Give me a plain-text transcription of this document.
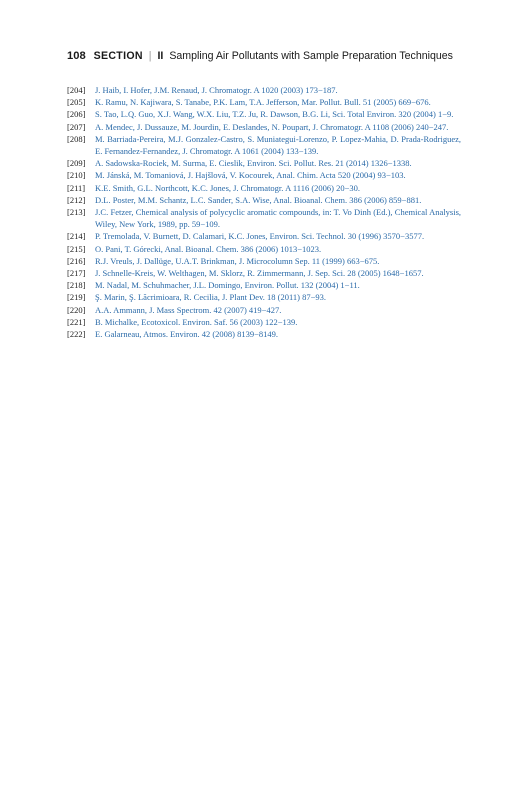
108 SECTION | II Sampling Air Pollutants with Sample Preparation Techniques
[204]	J. Haib, I. Hofer, J.M. Renaud, J. Chromatogr. A 1020 (2003) 173−187.
[205]	K. Ramu, N. Kajiwara, S. Tanabe, P.K. Lam, T.A. Jefferson, Mar. Pollut. Bull. 51 (2005) 669−676.
[206]	S. Tao, L.Q. Guo, X.J. Wang, W.X. Liu, T.Z. Ju, R. Dawson, B.G. Li, Sci. Total Environ. 320 (2004) 1−9.
[207]	A. Mendec, J. Dussauze, M. Jourdin, E. Deslandes, N. Poupart, J. Chromatogr. A 1108 (2006) 240−247.
[208]	M. Barriada-Pereira, M.J. Gonzalez-Castro, S. Muniategui-Lorenzo, P. Lopez-Mahia, D. Prada-Rodriguez, E. Fernandez-Fernandez, J. Chromatogr. A 1061 (2004) 133−139.
[209]	A. Sadowska-Rociek, M. Surma, E. Cieslik, Environ. Sci. Pollut. Res. 21 (2014) 1326−1338.
[210]	M. Jánská, M. Tomaniová, J. Hajšlová, V. Kocourek, Anal. Chim. Acta 520 (2004) 93−103.
[211]	K.E. Smith, G.L. Northcott, K.C. Jones, J. Chromatogr. A 1116 (2006) 20−30.
[212]	D.L. Poster, M.M. Schantz, L.C. Sander, S.A. Wise, Anal. Bioanal. Chem. 386 (2006) 859−881.
[213]	J.C. Fetzer, Chemical analysis of polycyclic aromatic compounds, in: T. Vo Dinh (Ed.), Chemical Analysis, Wiley, New York, 1989, pp. 59−109.
[214]	P. Tremolada, V. Burnett, D. Calamari, K.C. Jones, Environ. Sci. Technol. 30 (1996) 3570−3577.
[215]	O. Pani, T. Górecki, Anal. Bioanal. Chem. 386 (2006) 1013−1023.
[216]	R.J. Vreuls, J. Dallüge, U.A.T. Brinkman, J. Microcolumn Sep. 11 (1999) 663−675.
[217]	J. Schnelle-Kreis, W. Welthagen, M. Sklorz, R. Zimmermann, J. Sep. Sci. 28 (2005) 1648−1657.
[218]	M. Nadal, M. Schuhmacher, J.L. Domingo, Environ. Pollut. 132 (2004) 1−11.
[219]	Ş. Marin, Ş. Lăcrimioara, R. Cecilia, J. Plant Dev. 18 (2011) 87−93.
[220]	A.A. Ammann, J. Mass Spectrom. 42 (2007) 419−427.
[221]	B. Michalke, Ecotoxicol. Environ. Saf. 56 (2003) 122−139.
[222]	E. Galarneau, Atmos. Environ. 42 (2008) 8139−8149.
